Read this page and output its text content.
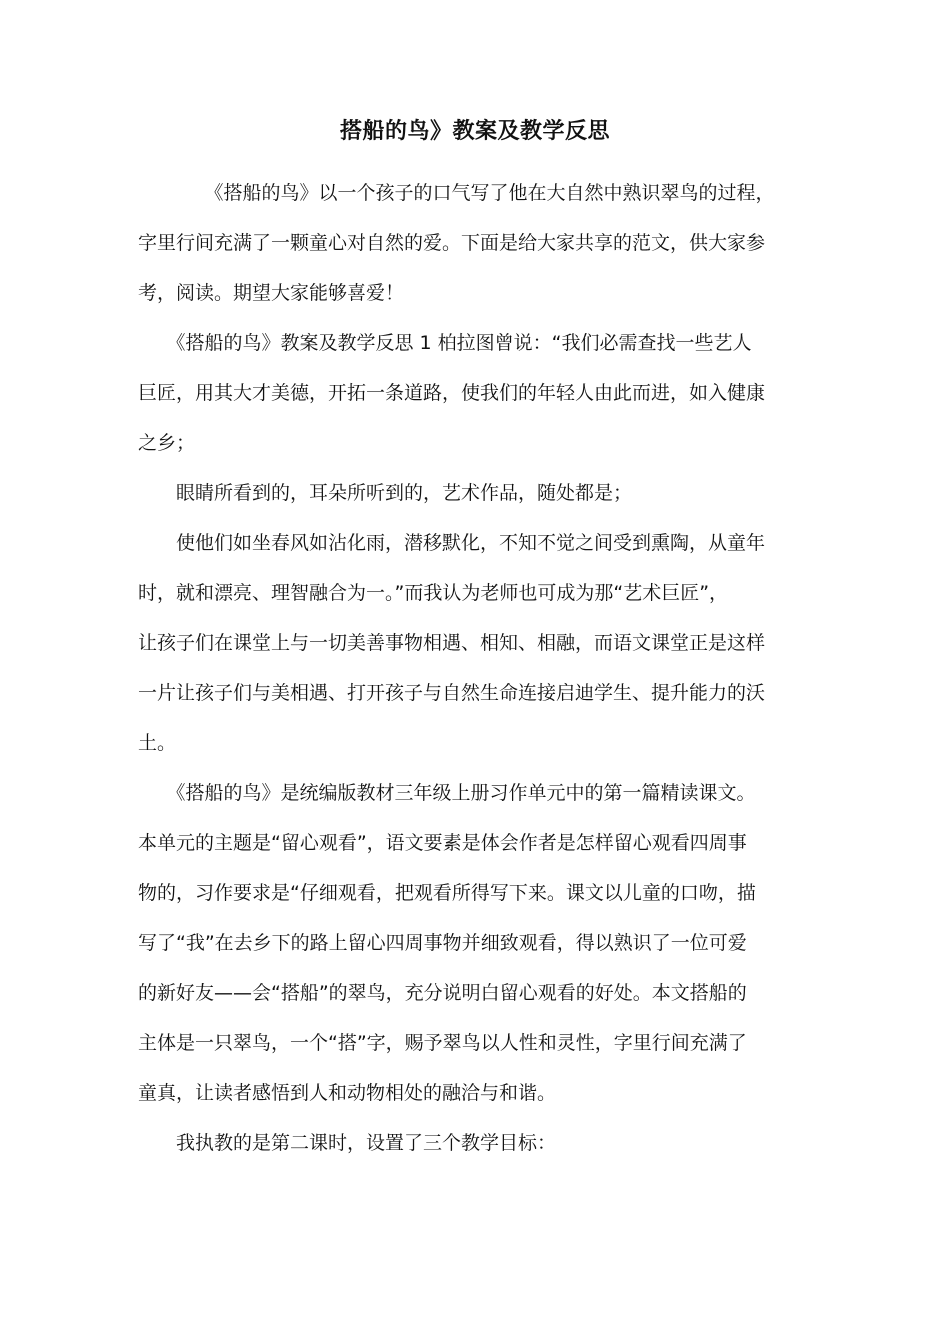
搭船的鸟》教案及教学反思
　　　　《搭船的鸟》以一个孩子的口气写了他在大自然中熟识翠鸟的过程，
字里行间充满了一颗童心对自然的爱。下面是给大家共享的范文，供大家参
考，阅读。期望大家能够喜爱！
　　《搭船的鸟》教案及教学反思 1 柏拉图曾说：“我们必需查找一些艺人
巨匠，用其大才美德，开拓一条道路，使我们的年轻人由此而进，如入健康
之乡；
　　眼睛所看到的，耳朵所听到的，艺术作品，随处都是；
　　使他们如坐春风如沾化雨，潜移默化，不知不觉之间受到熏陶，从童年
时，就和漂亮、理智融合为一。”而我认为老师也可成为那“艺术巨匠”，
让孩子们在课堂上与一切美善事物相遇、相知、相融，而语文课堂正是这样
一片让孩子们与美相遇、打开孩子与自然生命连接启迪学生、提升能力的沃
土。
　　《搭船的鸟》是统编版教材三年级上册习作单元中的第一篇精读课文。
本单元的主题是“留心观看”，语文要素是体会作者是怎样留心观看四周事
物的，习作要求是“仔细观看，把观看所得写下来。课文以儿童的口吻，描
写了“我”在去乡下的路上留心四周事物并细致观看，得以熟识了一位可爱
的新好友——会“搭船”的翠鸟，充分说明白留心观看的好处。本文搭船的
主体是一只翠鸟，一个“搭”字，赐予翠鸟以人性和灵性，字里行间充满了
童真，让读者感悟到人和动物相处的融洽与和谐。
　　我执教的是第二课时，设置了三个教学目标：
